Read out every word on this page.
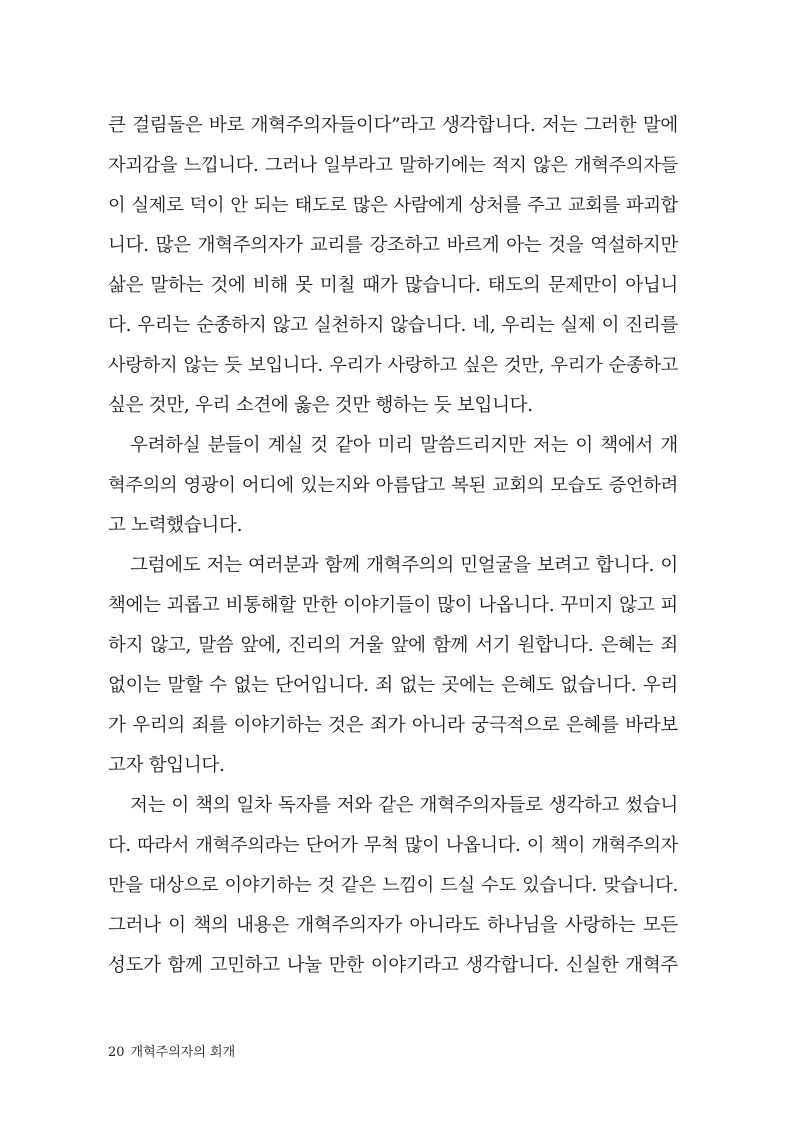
큰 걸림돌은 바로 개혁주의자들이다”라고 생각합니다. 저는 그러한 말에
자괴감을 느낍니다. 그러나 일부라고 말하기에는 적지 않은 개혁주의자들
이 실제로 덕이 안 되는 태도로 많은 사람에게 상처를 주고 교회를 파괴합
니다. 많은 개혁주의자가 교리를 강조하고 바르게 아는 것을 역설하지만
삶은 말하는 것에 비해 못 미칠 때가 많습니다. 태도의 문제만이 아닙니
다. 우리는 순종하지 않고 실천하지 않습니다. 네, 우리는 실제 이 진리를
사랑하지 않는 듯 보입니다. 우리가 사랑하고 싶은 것만, 우리가 순종하고
싶은 것만, 우리 소견에 옳은 것만 행하는 듯 보입니다.
우려하실 분들이 계실 것 같아 미리 말씀드리지만 저는 이 책에서 개
혁주의의 영광이 어디에 있는지와 아름답고 복된 교회의 모습도 증언하려
고 노력했습니다.
그럼에도 저는 여러분과 함께 개혁주의의 민얼굴을 보려고 합니다. 이
책에는 괴롭고 비통해할 만한 이야기들이 많이 나옵니다. 꾸미지 않고 피
하지 않고, 말씀 앞에, 진리의 거울 앞에 함께 서기 원합니다. 은혜는 죄
없이는 말할 수 없는 단어입니다. 죄 없는 곳에는 은혜도 없습니다. 우리
가 우리의 죄를 이야기하는 것은 죄가 아니라 궁극적으로 은혜를 바라보
고자 함입니다.
저는 이 책의 일차 독자를 저와 같은 개혁주의자들로 생각하고 썼습니
다. 따라서 개혁주의라는 단어가 무척 많이 나옵니다. 이 책이 개혁주의자
만을 대상으로 이야기하는 것 같은 느낌이 드실 수도 있습니다. 맞습니다.
그러나 이 책의 내용은 개혁주의자가 아니라도 하나님을 사랑하는 모든
성도가 함께 고민하고 나눌 만한 이야기라고 생각합니다. 신실한 개혁주
20 개혁주의자의 회개
